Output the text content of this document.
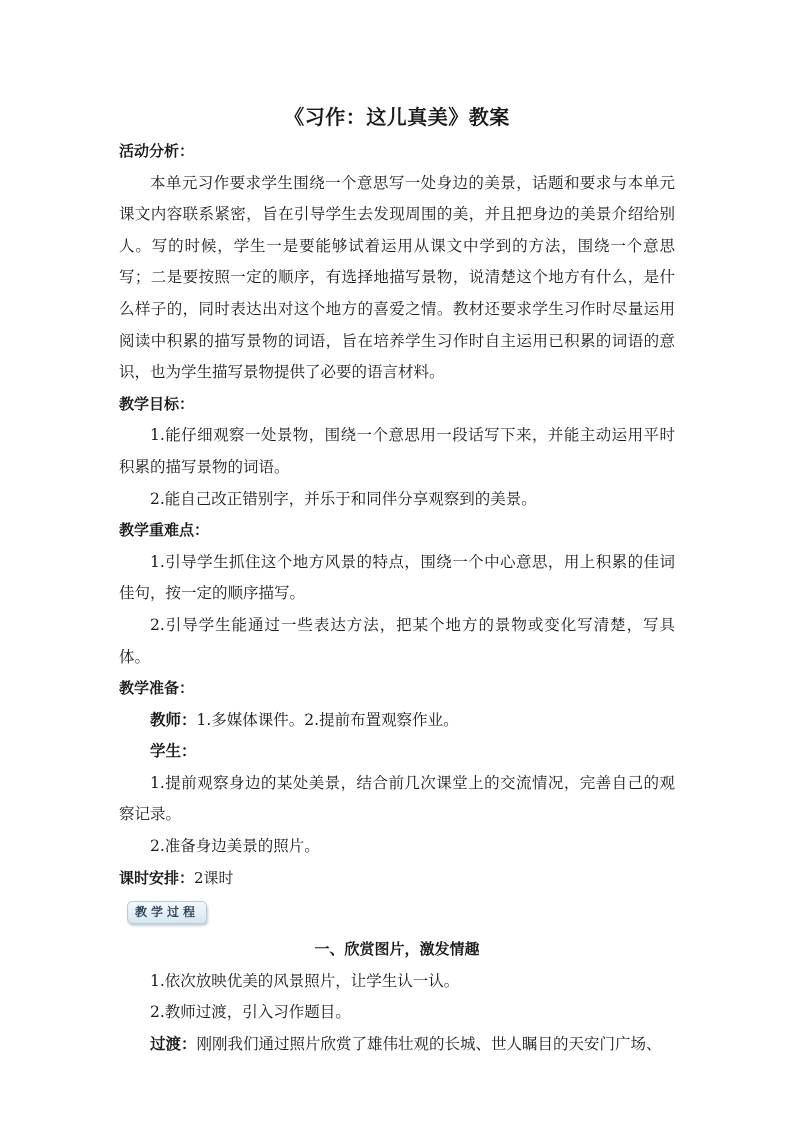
《习作：这儿真美》教案

活动分析：

本单元习作要求学生围绕一个意思写一处身边的美景，话题和要求与本单元课文内容联系紧密，旨在引导学生去发现周围的美，并且把身边的美景介绍给别人。写的时候，学生一是要能够试着运用从课文中学到的方法，围绕一个意思写；二是要按照一定的顺序，有选择地描写景物，说清楚这个地方有什么，是什么样子的，同时表达出对这个地方的喜爱之情。教材还要求学生习作时尽量运用阅读中积累的描写景物的词语，旨在培养学生习作时自主运用已积累的词语的意识，也为学生描写景物提供了必要的语言材料。

教学目标：

1.能仔细观察一处景物，围绕一个意思用一段话写下来，并能主动运用平时积累的描写景物的词语。

2.能自己改正错别字，并乐于和同伴分享观察到的美景。

教学重难点：

1.引导学生抓住这个地方风景的特点，围绕一个中心意思，用上积累的佳词佳句，按一定的顺序描写。

2.引导学生能通过一些表达方法，把某个地方的景物或变化写清楚，写具体。

教学准备：

教师：1.多媒体课件。2.提前布置观察作业。

学生：

1.提前观察身边的某处美景，结合前几次课堂上的交流情况，完善自己的观察记录。

2.准备身边美景的照片。

课时安排：2课时

教学过程

一、欣赏图片，激发情趣

1.依次放映优美的风景照片，让学生认一认。

2.教师过渡，引入习作题目。

过渡：刚刚我们通过照片欣赏了雄伟壮观的长城、世人瞩目的天安门广场、
